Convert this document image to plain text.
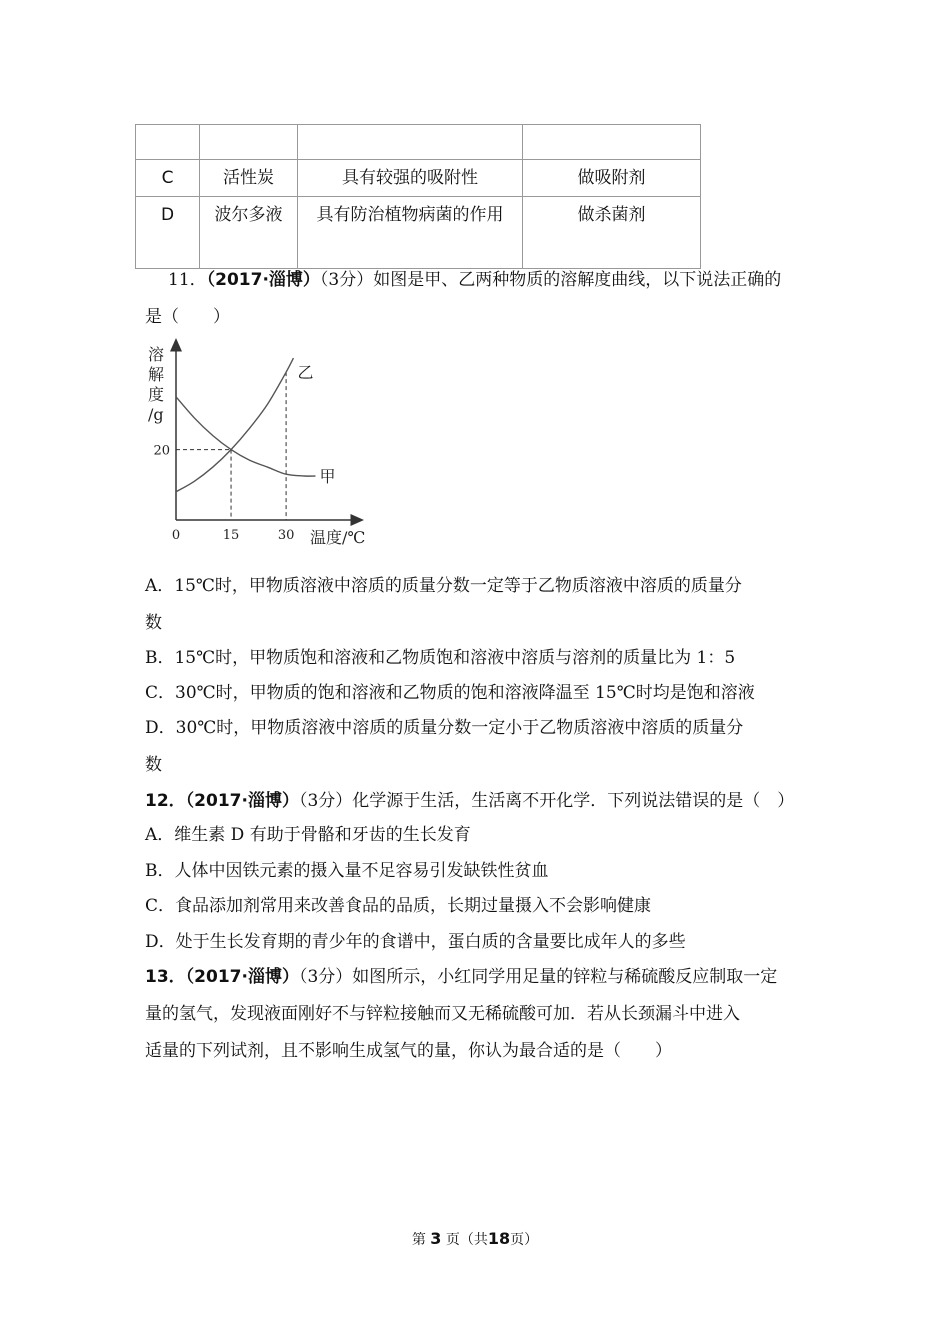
C	活性炭	具有较强的吸附性	做吸附剂
D	波尔多液	具有防治植物病菌的作用	做杀菌剂
11．（2017·淄博）（3分）如图是甲、乙两种物质的溶解度曲线，以下说法正确的
是（　　）
甲
乙
溶
解
度
/g
0	15	30
20
温度/℃
A．15℃时，甲物质溶液中溶质的质量分数一定等于乙物质溶液中溶质的质量分
数
B．15℃时，甲物质饱和溶液和乙物质饱和溶液中溶质与溶剂的质量比为 1：5
C．30℃时，甲物质的饱和溶液和乙物质的饱和溶液降温至 15℃时均是饱和溶液
D．30℃时，甲物质溶液中溶质的质量分数一定小于乙物质溶液中溶质的质量分
数
12．（2017·淄博）（3分）化学源于生活，生活离不开化学．下列说法错误的是（　）
A．维生素 D 有助于骨骼和牙齿的生长发育
B．人体中因铁元素的摄入量不足容易引发缺铁性贫血
C．食品添加剂常用来改善食品的品质，长期过量摄入不会影响健康
D．处于生长发育期的青少年的食谱中，蛋白质的含量要比成年人的多些
13．（2017·淄博）（3分）如图所示，小红同学用足量的锌粒与稀硫酸反应制取一定
量的氢气，发现液面刚好不与锌粒接触而又无稀硫酸可加．若从长颈漏斗中进入
适量的下列试剂，且不影响生成氢气的量，你认为最合适的是（　　）
第 3 页（共18页）
